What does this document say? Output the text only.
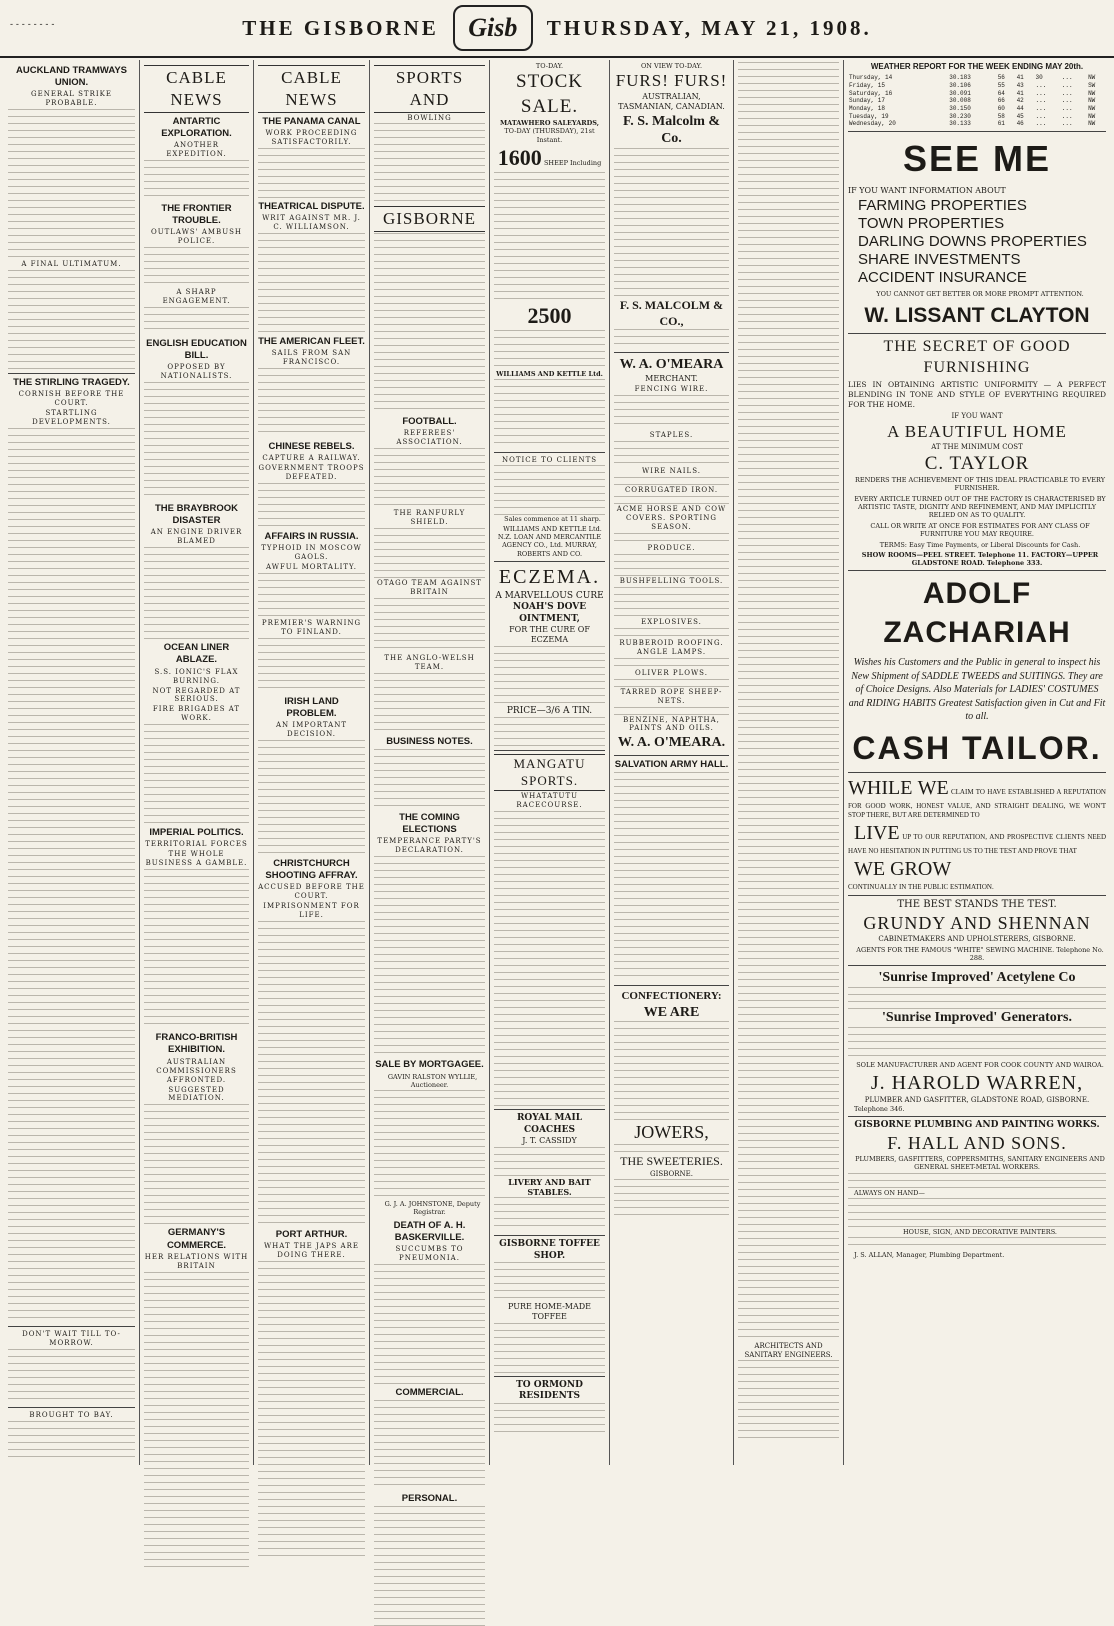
- - - - - - - -	THE GISBORNE	Gisb	THURSDAY, MAY 21, 1908.
AUCKLAND TRAMWAYS UNION.
GENERAL STRIKE PROBABLE.
A FINAL ULTIMATUM.
THE STIRLING TRAGEDY.
CORNISH BEFORE THE COURT.
STARTLING DEVELOPMENTS.
DON'T WAIT TILL TO-MORROW.
BROUGHT TO BAY.
CABLE NEWS
ANTARTIC EXPLORATION.
ANOTHER EXPEDITION.
THE FRONTIER TROUBLE.
OUTLAWS' AMBUSH POLICE.
A SHARP ENGAGEMENT.
ENGLISH EDUCATION BILL.
OPPOSED BY NATIONALISTS.
THE BRAYBROOK DISASTER
AN ENGINE DRIVER BLAMED
OCEAN LINER ABLAZE.
S.S. IONIC'S FLAX BURNING.
NOT REGARDED AT SERIOUS.
FIRE BRIGADES AT WORK.
IMPERIAL POLITICS.
TERRITORIAL FORCES
THE WHOLE BUSINESS A GAMBLE.
FRANCO-BRITISH EXHIBITION.
AUSTRALIAN COMMISSIONERS AFFRONTED.
SUGGESTED MEDIATION.
GERMANY'S COMMERCE.
HER RELATIONS WITH BRITAIN
CABLE NEWS
THE PANAMA CANAL
WORK PROCEEDING SATISFACTORILY.
THEATRICAL DISPUTE.
WRIT AGAINST MR. J. C. WILLIAMSON.
THE AMERICAN FLEET.
SAILS FROM SAN FRANCISCO.
CHINESE REBELS.
CAPTURE A RAILWAY.
GOVERNMENT TROOPS DEFEATED.
AFFAIRS IN RUSSIA.
TYPHOID IN MOSCOW GAOLS.
AWFUL MORTALITY.
PREMIER'S WARNING TO FINLAND.
IRISH LAND PROBLEM.
AN IMPORTANT DECISION.
CHRISTCHURCH SHOOTING AFFRAY.
ACCUSED BEFORE THE COURT.
IMPRISONMENT FOR LIFE.
PORT ARTHUR.
WHAT THE JAPS ARE DOING THERE.
SPORTS AND
BOWLING
GISBORNE
FOOTBALL.
REFEREES' ASSOCIATION.
THE RANFURLY SHIELD.
OTAGO TEAM AGAINST BRITAIN
THE ANGLO-WELSH TEAM.
BUSINESS NOTES.
THE COMING ELECTIONS
TEMPERANCE PARTY'S DECLARATION.
SALE BY MORTGAGEE.

GAVIN RALSTON WYLLIE, Auctioneer.

G. J. A. JOHNSTONE, Deputy Registrar.

DEATH OF A. H. BASKERVILLE.
SUCCUMBS TO PNEUMONIA.
COMMERCIAL.
PERSONAL.
TO-DAY.
STOCK SALE.
MATAWHERO SALEYARDS,
TO-DAY (THURSDAY), 21st Instant.
1600 SHEEP Including
2500
WILLIAMS AND KETTLE Ltd.
NOTICE TO CLIENTS

Sales commence at 11 sharp.

WILLIAMS AND KETTLE Ltd. N.Z. LOAN AND MERCANTILE AGENCY CO., Ltd. MURRAY, ROBERTS AND CO.

ECZEMA.
A MARVELLOUS CURE
NOAH'S DOVE OINTMENT,
FOR THE CURE OF ECZEMA
PRICE—3/6 A TIN.
MANGATU SPORTS.
WHATATUTU RACECOURSE.
ROYAL MAIL COACHES
J. T. CASSIDY
LIVERY AND BAIT STABLES.
GISBORNE TOFFEE SHOP.
PURE HOME-MADE TOFFEE
TO ORMOND RESIDENTS
ON VIEW TO-DAY.
FURS! FURS!
AUSTRALIAN, TASMANIAN, CANADIAN.
F. S. Malcolm & Co.
F. S. MALCOLM & CO.,
W. A. O'MEARA
MERCHANT.
FENCING WIRE.
STAPLES.
WIRE NAILS.
CORRUGATED IRON.
ACME HORSE AND COW COVERS. SPORTING SEASON.
PRODUCE.
BUSHFELLING TOOLS.
EXPLOSIVES.
RUBBEROID ROOFING. ANGLE LAMPS.
OLIVER PLOWS.
TARRED ROPE SHEEP-NETS.
BENZINE, NAPHTHA, PAINTS AND OILS.
W. A. O'MEARA.
SALVATION ARMY HALL.
CONFECTIONERY:
WE ARE
JOWERS,
THE SWEETERIES.
GISBORNE.
ARCHITECTS AND SANITARY ENGINEERS.
WEATHER REPORT FOR THE WEEK ENDING MAY 20th.
Thursday, 14	30.183	56	41	30	...	NW
Friday, 15	30.106	55	43	...	...	SW
Saturday, 16	30.091	64	41	...	...	NW
Sunday, 17	30.008	66	42	...	...	NW
Monday, 18	30.150	60	44	...	...	NW
Tuesday, 19	30.230	58	45	...	...	NW
Wednesday, 20	30.133	61	46	...	...	NW
SEE ME

IF YOU WANT INFORMATION ABOUT

FARMING PROPERTIES
TOWN PROPERTIES
DARLING DOWNS PROPERTIES
SHARE INVESTMENTS
ACCIDENT INSURANCE

YOU CANNOT GET BETTER OR MORE PROMPT ATTENTION.

W. LISSANT CLAYTON
THE SECRET OF GOOD FURNISHING

LIES IN OBTAINING ARTISTIC UNIFORMITY — A PERFECT BLENDING IN TONE AND STYLE OF EVERYTHING REQUIRED FOR THE HOME.

IF YOU WANT
A BEAUTIFUL HOME
AT THE MINIMUM COST
C. TAYLOR

RENDERS THE ACHIEVEMENT OF THIS IDEAL PRACTICABLE TO EVERY FURNISHER.

EVERY ARTICLE TURNED OUT OF THE FACTORY IS CHARACTERISED BY ARTISTIC TASTE, DIGNITY AND REFINEMENT, AND MAY IMPLICITLY RELIED ON AS TO QUALITY.

CALL OR WRITE AT ONCE FOR ESTIMATES FOR ANY CLASS OF FURNITURE YOU MAY REQUIRE.

TERMS: Easy Time Payments, or Liberal Discounts for Cash.

SHOW ROOMS—PEEL STREET. Telephone 11. FACTORY—UPPER GLADSTONE ROAD. Telephone 333.

ADOLF ZACHARIAH
Wishes his Customers and the Public in general to inspect his New Shipment of SADDLE TWEEDS and SUITINGS. They are of Choice Designs. Also Materials for LADIES' COSTUMES and RIDING HABITS Greatest Satisfaction given in Cut and Fit to all.
CASH TAILOR.

WHILE WE CLAIM TO HAVE ESTABLISHED A REPUTATION FOR GOOD WORK, HONEST VALUE, AND STRAIGHT DEALING, WE WON'T STOP THERE, BUT ARE DETERMINED TO

LIVE UP TO OUR REPUTATION, AND PROSPECTIVE CLIENTS NEED HAVE NO HESITATION IN PUTTING US TO THE TEST AND PROVE THAT

WE GROW

CONTINUALLY IN THE PUBLIC ESTIMATION.

THE BEST STANDS THE TEST.
GRUNDY AND SHENNAN
CABINETMAKERS AND UPHOLSTERERS, GISBORNE.

AGENTS FOR THE FAMOUS "WHITE" SEWING MACHINE. Telephone No. 288.

'Sunrise Improved' Acetylene Co
'Sunrise Improved' Generators.

SOLE MANUFACTURER AND AGENT FOR COOK COUNTY AND WAIROA.

J. HAROLD WARREN,
PLUMBER AND GASFITTER, GLADSTONE ROAD, GISBORNE.

Telephone 346.

GISBORNE PLUMBING AND PAINTING WORKS.
F. HALL AND SONS.

PLUMBERS, GASFITTERS, COPPERSMITHS, SANITARY ENGINEERS AND GENERAL SHEET-METAL WORKERS.

ALWAYS ON HAND—

HOUSE, SIGN, AND DECORATIVE PAINTERS.

J. S. ALLAN, Manager, Plumbing Department.
